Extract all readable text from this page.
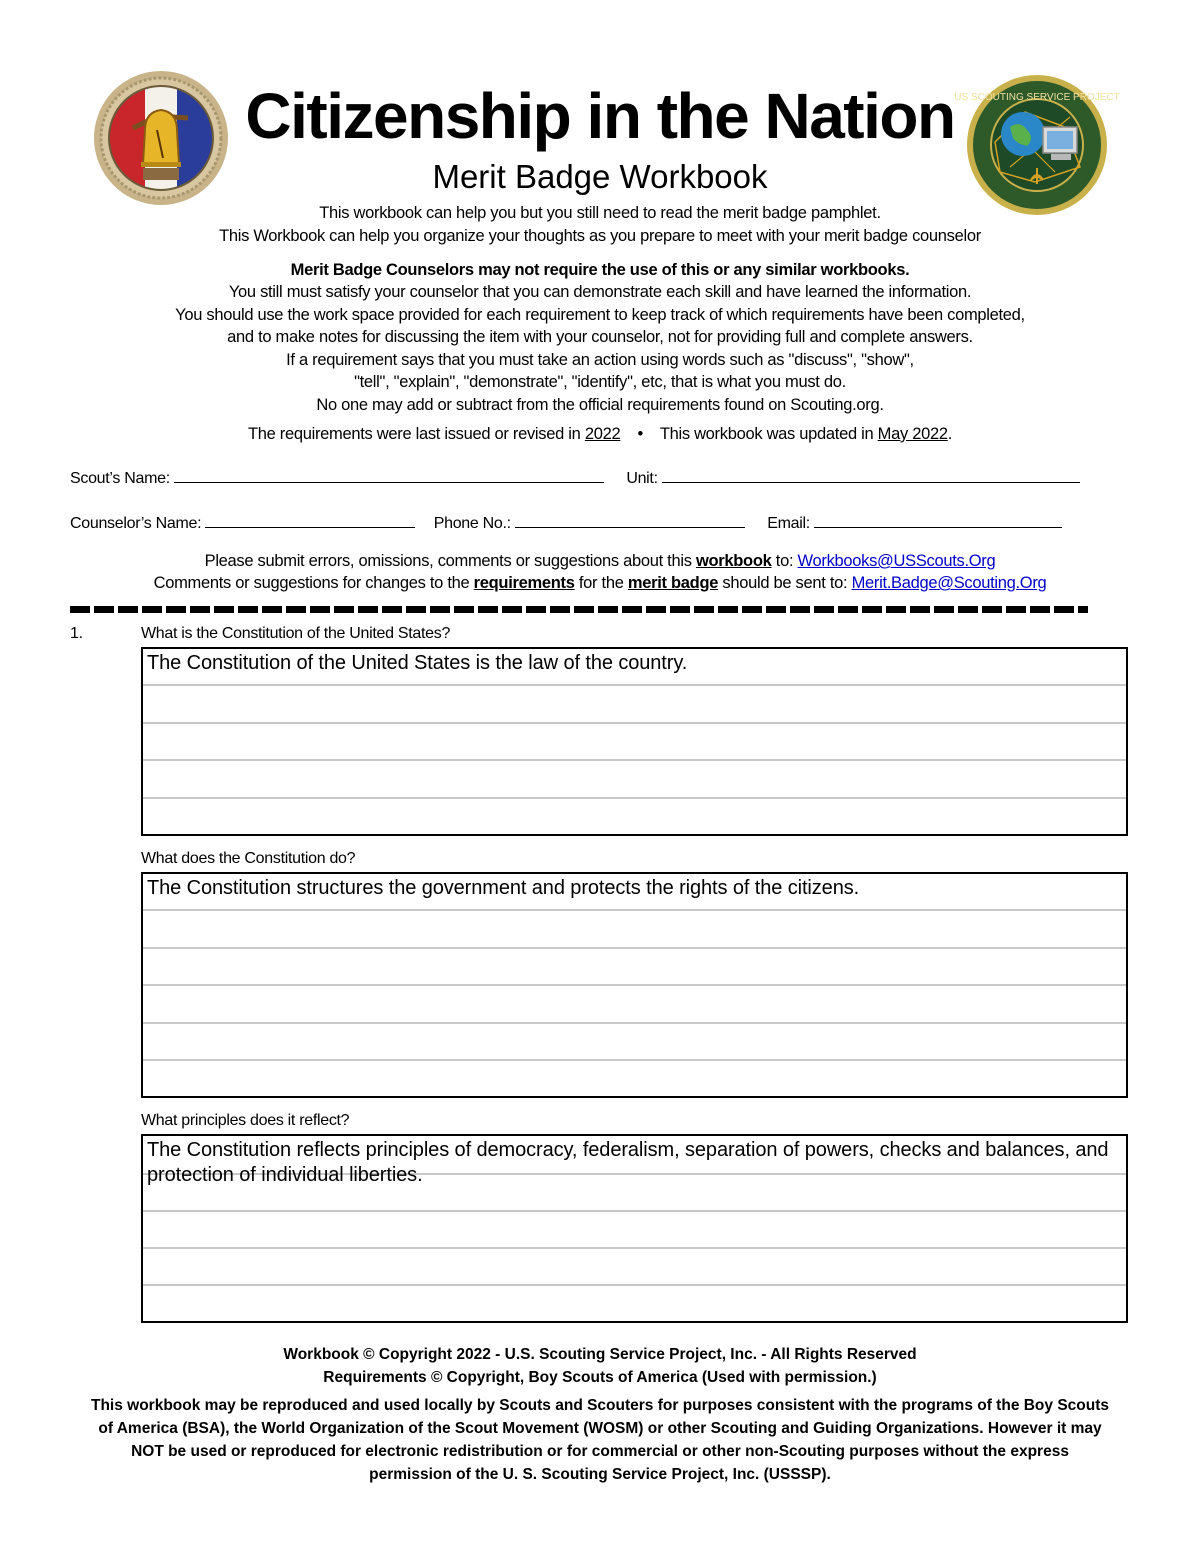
US SCOUTING SERVICE PROJECT
Citizenship in the Nation
Merit Badge Workbook
This workbook can help you but you still need to read the merit badge pamphlet.
This Workbook can help you organize your thoughts as you prepare to meet with your merit badge counselor
Merit Badge Counselors may not require the use of this or any similar workbooks.
You still must satisfy your counselor that you can demonstrate each skill and have learned the information.
You should use the work space provided for each requirement to keep track of which requirements have been completed,
and to make notes for discussing the item with your counselor, not for providing full and complete answers.
If a requirement says that you must take an action using words such as "discuss", "show",
"tell", "explain", "demonstrate", "identify", etc, that is what you must do.
No one may add or subtract from the official requirements found on Scouting.org.
The requirements were last issued or revised in 2022 • This workbook was updated in May 2022.
Scout’s Name:	Unit:
Counselor’s Name:	Phone No.:	Email:
Please submit errors, omissions, comments or suggestions about this workbook to: Workbooks@USScouts.Org
Comments or suggestions for changes to the requirements for the merit badge should be sent to: Merit.Badge@Scouting.Org
1.	What is the Constitution of the United States?
The Constitution of the United States is the law of the country.
What does the Constitution do?
The Constitution structures the government and protects the rights of the citizens.
What principles does it reflect?
The Constitution reflects principles of democracy, federalism, separation of powers, checks and balances, and protection of individual liberties.
Workbook © Copyright 2022 - U.S. Scouting Service Project, Inc. - All Rights Reserved
Requirements © Copyright, Boy Scouts of America (Used with permission.)
This workbook may be reproduced and used locally by Scouts and Scouters for purposes consistent with the programs of the Boy Scouts
of America (BSA), the World Organization of the Scout Movement (WOSM) or other Scouting and Guiding Organizations. However it may
NOT be used or reproduced for electronic redistribution or for commercial or other non-Scouting purposes without the express
permission of the U. S. Scouting Service Project, Inc. (USSSP).
